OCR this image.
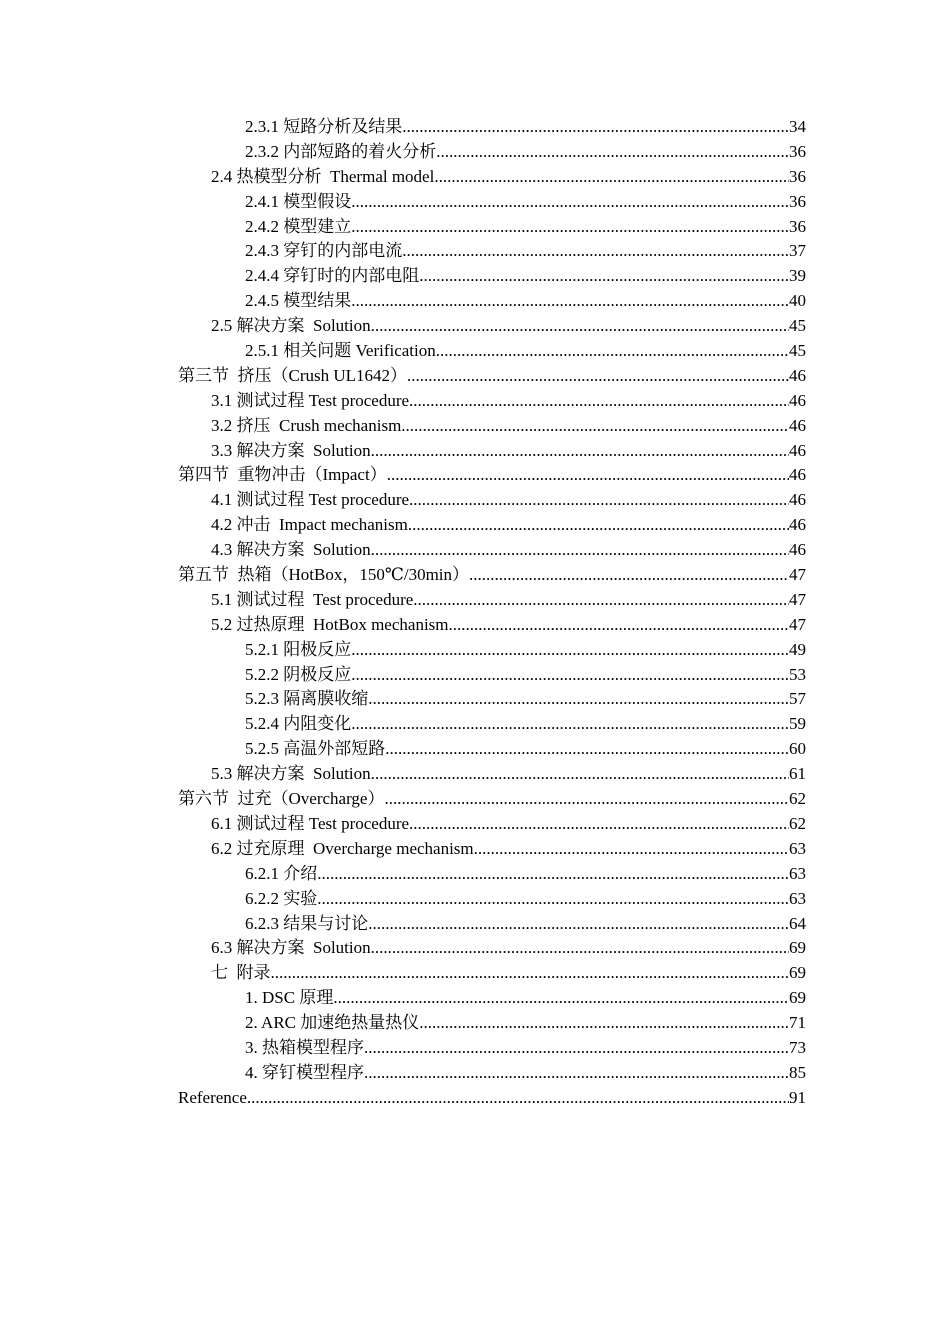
2.3.1 短路分析及结果 .....	34
2.3.2 内部短路的着火分析 .....	36
2.4 热模型分析  Thermal model .....	36
2.4.1 模型假设 .....	36
2.4.2 模型建立 .....	36
2.4.3 穿钉的内部电流 .....	37
2.4.4 穿钉时的内部电阻 .....	39
2.4.5 模型结果 .....	40
2.5 解决方案  Solution .....	45
2.5.1 相关问题 Verification .....	45
第三节  挤压（Crush UL1642） .....	46
3.1 测试过程 Test procedure .....	46
3.2 挤压  Crush mechanism .....	46
3.3 解决方案  Solution .....	46
第四节  重物冲击（Impact） .....	46
4.1 测试过程 Test procedure .....	46
4.2 冲击  Impact mechanism .....	46
4.3 解决方案  Solution .....	46
第五节  热箱（HotBox，150℃/30min） .....	47
5.1 测试过程  Test procedure .....	47
5.2 过热原理  HotBox mechanism .....	47
5.2.1 阳极反应 .....	49
5.2.2 阴极反应 .....	53
5.2.3 隔离膜收缩 .....	57
5.2.4 内阻变化 .....	59
5.2.5 高温外部短路 .....	60
5.3 解决方案  Solution .....	61
第六节  过充（Overcharge） .....	62
6.1 测试过程 Test procedure .....	62
6.2 过充原理  Overcharge mechanism .....	63
6.2.1 介绍 .....	63
6.2.2 实验 .....	63
6.2.3 结果与讨论 .....	64
6.3 解决方案  Solution .....	69
七  附录 .....	69
1. DSC 原理 .....	69
2. ARC 加速绝热量热仪 .....	71
3. 热箱模型程序 .....	73
4. 穿钉模型程序 .....	85
Reference .....	91
